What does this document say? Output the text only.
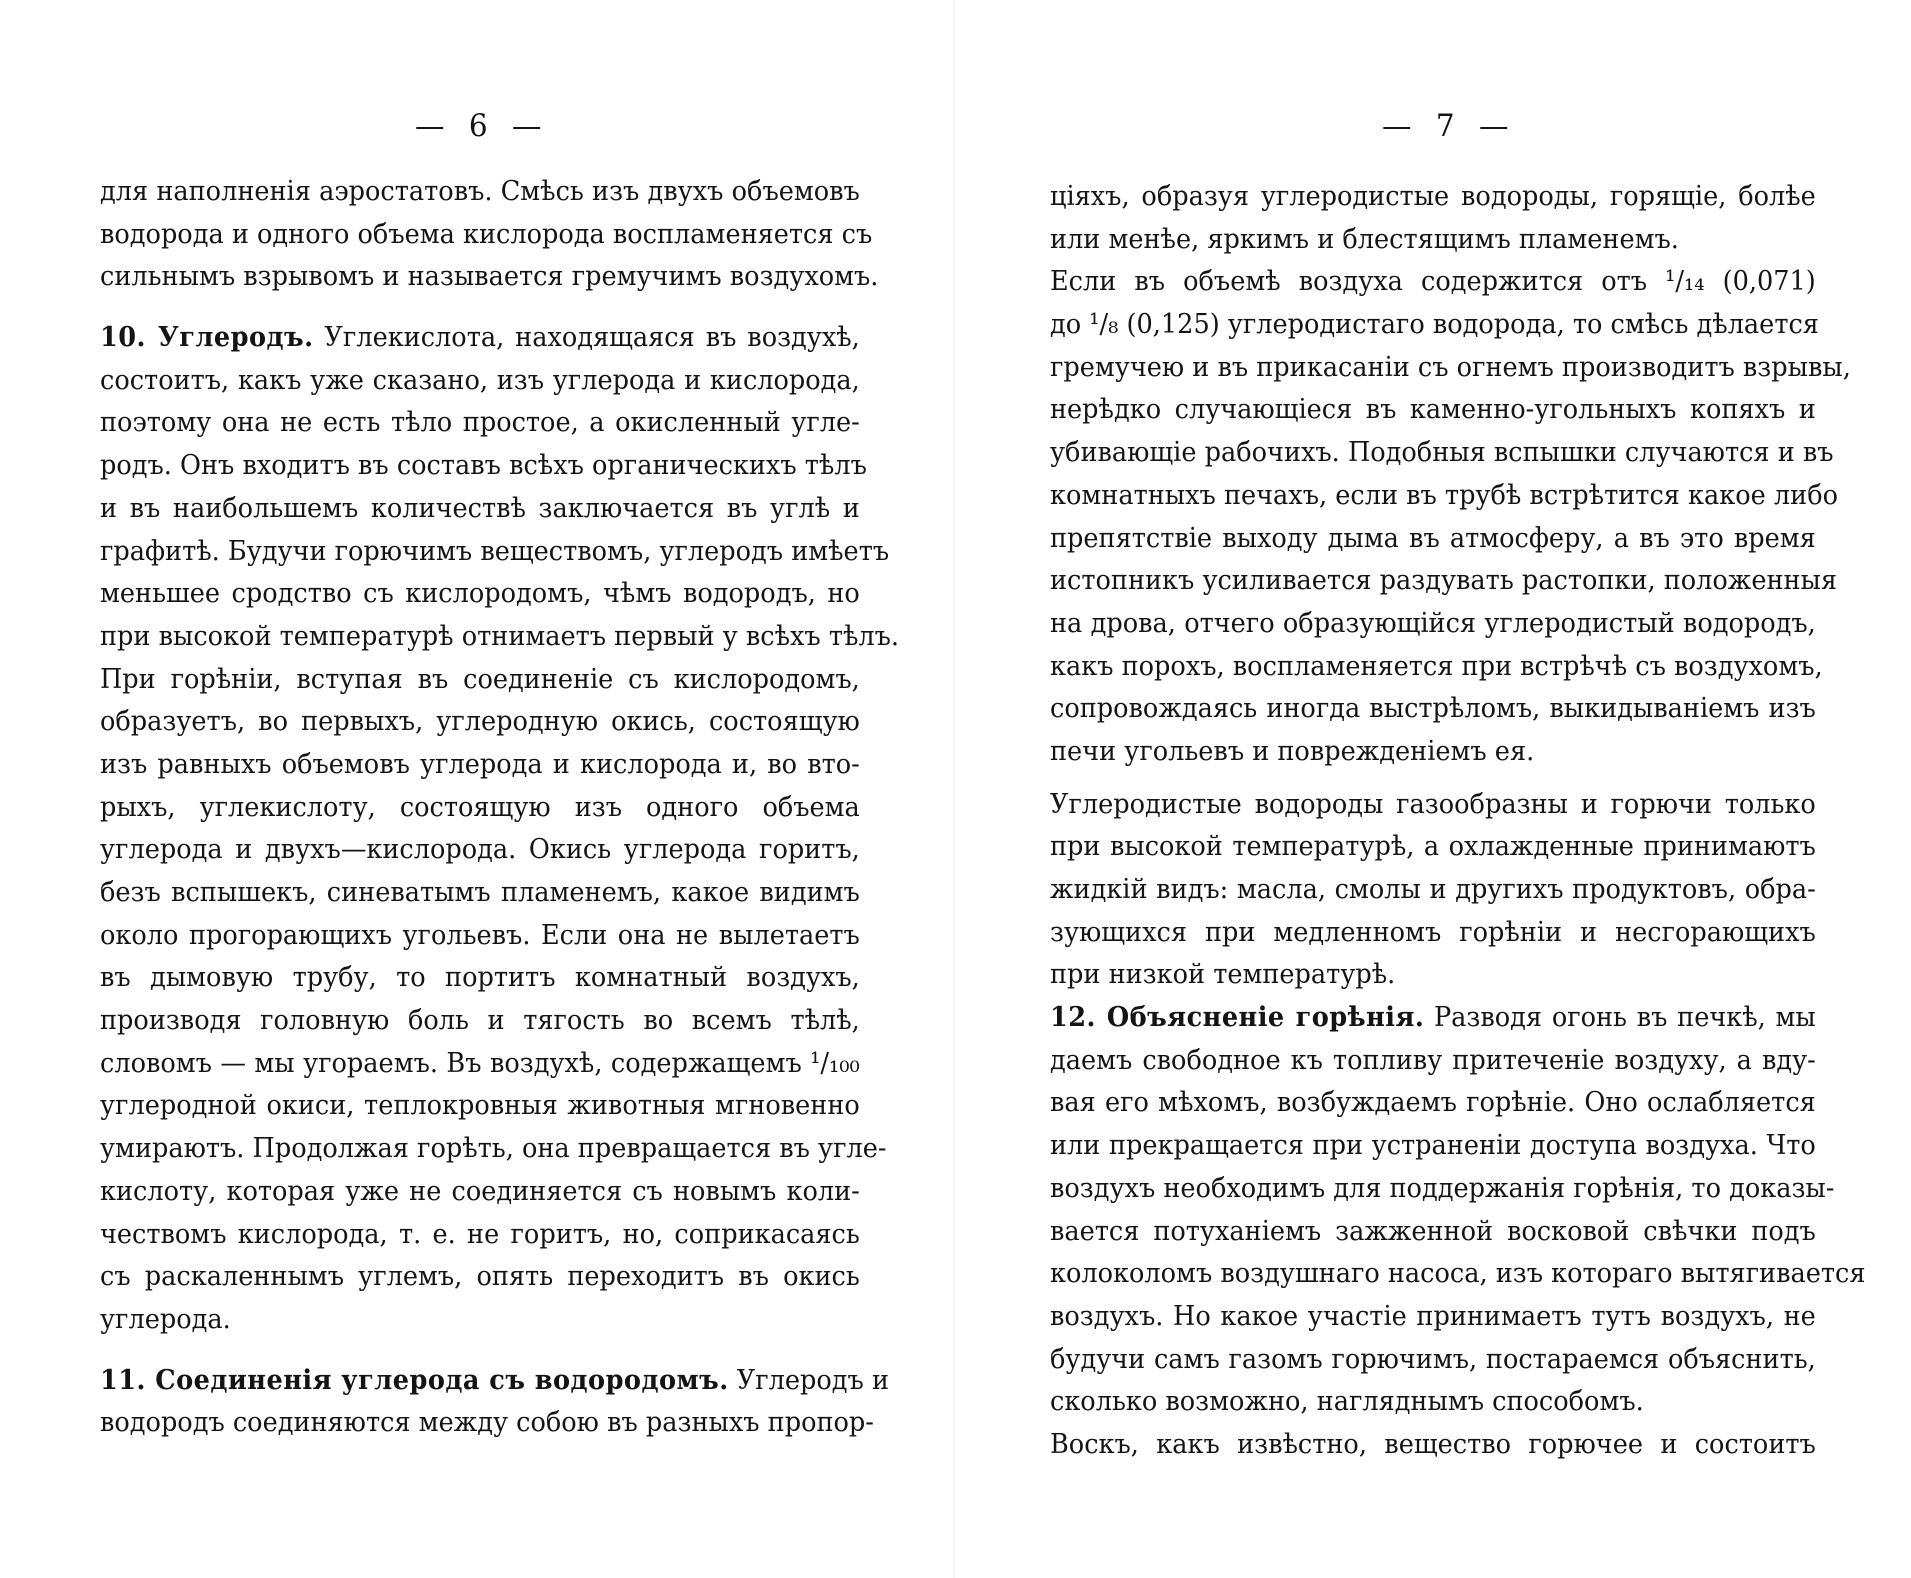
—  6  —
для наполненія аэростатовъ. Смѣсь изъ двухъ объемовъ
водорода и одного объема кислорода воспламеняется съ
сильнымъ взрывомъ и называется гремучимъ воздухомъ.
10. Углеродъ. Углекислота, находящаяся въ воздухѣ,
состоитъ, какъ уже сказано, изъ углерода и кислорода,
поэтому она не есть тѣло простое, а окисленный угле-
родъ. Онъ входитъ въ составъ всѣхъ органическихъ тѣлъ
и въ наибольшемъ количествѣ заключается въ углѣ и
графитѣ. Будучи горючимъ веществомъ, углеродъ имѣетъ
меньшее сродство съ кислородомъ, чѣмъ водородъ, но
при высокой температурѣ отнимаетъ первый у всѣхъ тѣлъ.
При горѣніи, вступая въ соединеніе съ кислородомъ,
образуетъ, во первыхъ, углеродную окись, состоящую
изъ равныхъ объемовъ углерода и кислорода и, во вто-
рыхъ, углекислоту, состоящую изъ одного объема
углерода и двухъ—кислорода. Окись углерода горитъ,
безъ вспышекъ, синеватымъ пламенемъ, какое видимъ
около прогорающихъ угольевъ. Если она не вылетаетъ
въ дымовую трубу, то портитъ комнатный воздухъ,
производя головную боль и тягость во всемъ тѣлѣ,
словомъ — мы угораемъ. Въ воздухѣ, содержащемъ ¹/₁₀₀
углеродной окиси, теплокровныя животныя мгновенно
умираютъ. Продолжая горѣть, она превращается въ угле-
кислоту, которая уже не соединяется съ новымъ коли-
чествомъ кислорода, т. е. не горитъ, но, соприкасаясь
съ раскаленнымъ углемъ, опять переходитъ въ окись
углерода.
11. Соединенія углерода съ водородомъ. Углеродъ и
водородъ соединяются между собою въ разныхъ пропор-
—  7  —
ціяхъ, образуя углеродистые водороды, горящіе, болѣе
или менѣе, яркимъ и блестящимъ пламенемъ.
Если въ объемѣ воздуха содержится отъ ¹/₁₄ (0,071)
до ¹/₈ (0,125) углеродистаго водорода, то смѣсь дѣлается
гремучею и въ прикасаніи съ огнемъ производитъ взрывы,
нерѣдко случающіеся въ каменно-угольныхъ копяхъ и
убивающіе рабочихъ. Подобныя вспышки случаются и въ
комнатныхъ печахъ, если въ трубѣ встрѣтится какое либо
препятствіе выходу дыма въ атмосферу, а въ это время
истопникъ усиливается раздувать растопки, положенныя
на дрова, отчего образующійся углеродистый водородъ,
какъ порохъ, воспламеняется при встрѣчѣ съ воздухомъ,
сопровождаясь иногда выстрѣломъ, выкидываніемъ изъ
печи угольевъ и поврежденіемъ ея.
Углеродистые водороды газообразны и горючи только
при высокой температурѣ, а охлажденные принимаютъ
жидкій видъ: масла, смолы и другихъ продуктовъ, обра-
зующихся при медленномъ горѣніи и несгорающихъ
при низкой температурѣ.
12. Объясненіе горѣнія. Разводя огонь въ печкѣ, мы
даемъ свободное къ топливу притеченіе воздуху, а вду-
вая его мѣхомъ, возбуждаемъ горѣніе. Оно ослабляется
или прекращается при устраненіи доступа воздуха. Что
воздухъ необходимъ для поддержанія горѣнія, то доказы-
вается потуханіемъ зажженной восковой свѣчки подъ
колоколомъ воздушнаго насоса, изъ котораго вытягивается
воздухъ. Но какое участіе принимаетъ тутъ воздухъ, не
будучи самъ газомъ горючимъ, постараемся объяснить,
сколько возможно, нагляднымъ способомъ.
Воскъ, какъ извѣстно, вещество горючее и состоитъ
